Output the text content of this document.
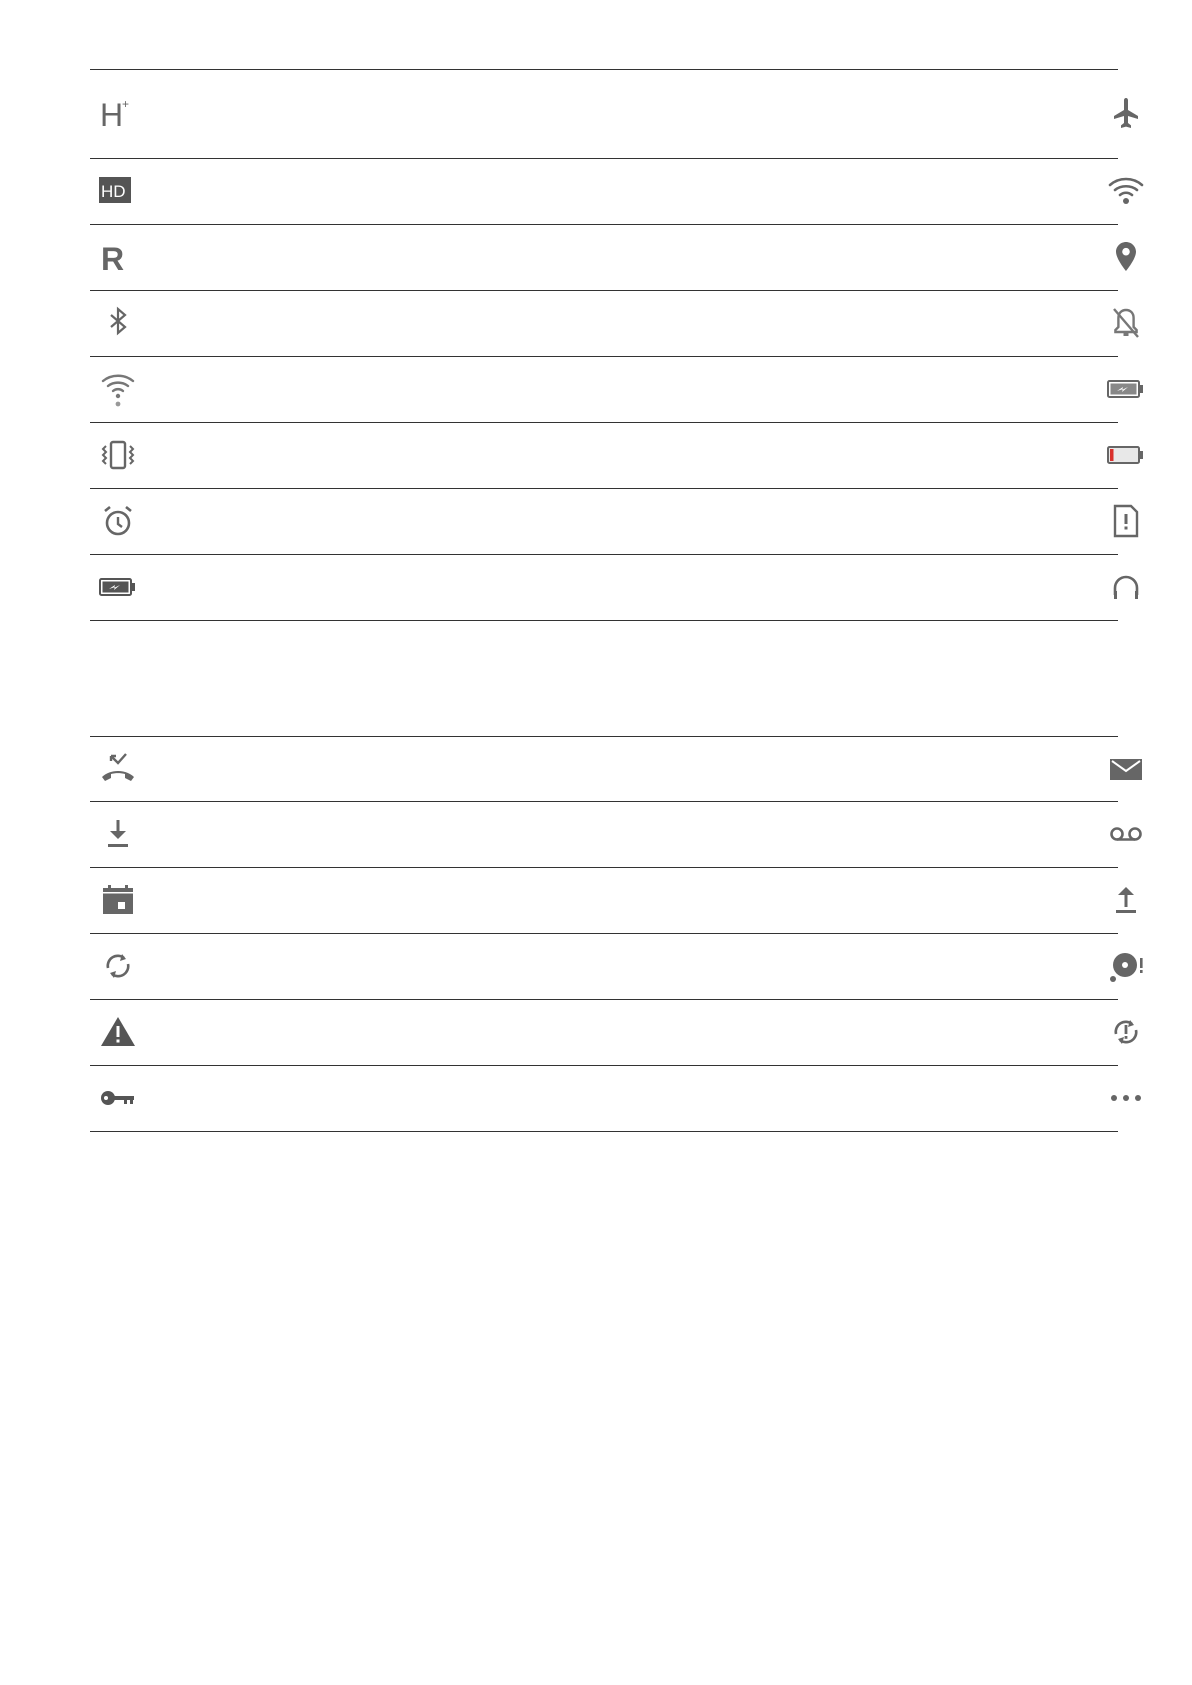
H
+
HD
R
